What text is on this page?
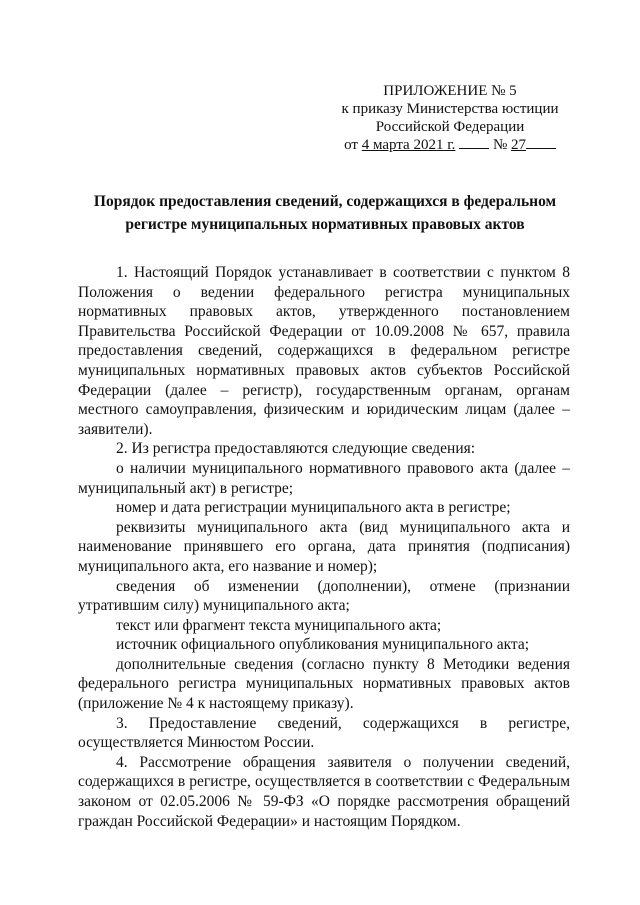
ПРИЛОЖЕНИЕ № 5
к приказу Министерства юстиции
Российской Федерации
от 4 марта 2021 г.	№ 27
Порядок предоставления сведений, содержащихся в федеральном регистре муниципальных нормативных правовых актов

1. Настоящий Порядок устанавливает в соответствии с пунктом 8 Положения о ведении федерального регистра муниципальных нормативных правовых актов, утвержденного постановлением Правительства Российской Федерации от 10.09.2008 № 657, правила предоставления сведений, содержащихся в федеральном регистре муниципальных нормативных правовых актов субъектов Российской Федерации (далее – регистр), государственным органам, органам местного самоуправления, физическим и юридическим лицам (далее – заявители).

2. Из регистра предоставляются следующие сведения:

о наличии муниципального нормативного правового акта (далее – муниципальный акт) в регистре;

номер и дата регистрации муниципального акта в регистре;

реквизиты муниципального акта (вид муниципального акта и наименование принявшего его органа, дата принятия (подписания) муниципального акта, его название и номер);

сведения об изменении (дополнении), отмене (признании утратившим силу) муниципального акта;

текст или фрагмент текста муниципального акта;

источник официального опубликования муниципального акта;

дополнительные сведения (согласно пункту 8 Методики ведения федерального регистра муниципальных нормативных правовых актов (приложение № 4 к настоящему приказу).

3. Предоставление сведений, содержащихся в регистре, осуществляется Минюстом России.

4. Рассмотрение обращения заявителя о получении сведений, содержащихся в регистре, осуществляется в соответствии с Федеральным законом от 02.05.2006 № 59-ФЗ «О порядке рассмотрения обращений граждан Российской Федерации» и настоящим Порядком.
